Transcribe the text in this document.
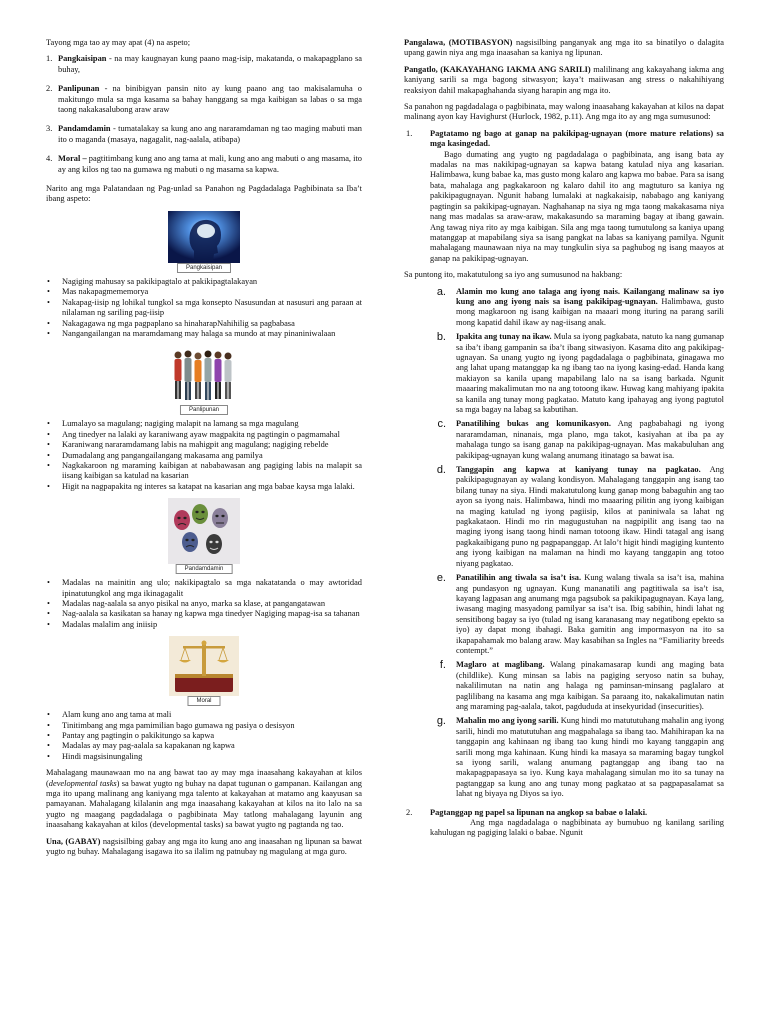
Tayong mga tao ay may apat (4) na aspeto;

1. Pangkaisipan - na may kaugnayan kung paano mag-isip, makatanda, o makapagplano sa buhay,
2. Panlipunan - na binibigyan pansin nito ay kung paano ang tao makisalamuha o makitungo mula sa mga kasama sa bahay hanggang sa mga kaibigan sa labas o sa mga taong nakakasalubong araw araw
3. Pandamdamin - tumatalakay sa kung ano ang nararamdaman ng tao maging mabuti man ito o maganda (masaya, nagagalit, nag-aalala, atibapa)
4. Moral – pagtitimbang kung ano ang tama at mali, kung ano ang mabuti o ang masama, ito ay ang kilos ng tao na gumawa ng mabuti o ng masama sa kapwa.

Narito ang mga Palatandaan ng Pag-unlad sa Panahon ng Pagdadalaga Pagbibinata sa Iba’t ibang aspeto:

Pangkaisipan
• Nagiging mahusay sa pakikipagtalo at pakikipagtalakayan
• Mas nakapagmememorya
• Nakapag-iisip ng lohikal tungkol sa mga konsepto Nasusundan at nasusuri ang paraan at nilalaman ng sariling pag-iisip
• Nakagagawa ng mga pagpaplano sa hinaharapNahihilig sa pagbabasa
• Nangangailangan na maramdamang may halaga sa mundo at may pinaniniwalaan
Panlipunan
• Lumalayo sa magulang; nagiging malapit na lamang sa mga magulang
• Ang tinedyer na lalaki ay karaniwang ayaw magpakita ng pagtingin o pagmamahal
• Karaniwang nararamdamang labis na mahigpit ang magulang; nagiging rebelde
• Dumadalang ang pangangailangang makasama ang pamilya
• Nagkakaroon ng maraming kaibigan at nababawasan ang pagiging labis na malapit sa iisang kaibigan sa katulad na kasarian
• Higit na nagpapakita ng interes sa katapat na kasarian ang mga babae kaysa mga lalaki.
Pandamdamin
• Madalas na mainitin ang ulo; nakikipagtalo sa mga nakatatanda o may awtoridad ipinatutungkol ang mga ikinagagalit
• Madalas nag-aalala sa anyo pisikal na anyo, marka sa klase, at pangangatawan
• Nag-aalala sa kasikatan sa hanay ng kapwa mga tinedyer Nagiging mapag-isa sa tahanan
• Madalas malalim ang iniisip
Moral
• Alam kung ano ang tama at mali
• Tinitimbang ang mga pamimilian bago gumawa ng pasiya o desisyon
• Pantay ang pagtingin o pakikitungo sa kapwa
• Madalas ay may pag-aalala sa kapakanan ng kapwa
• Hindi magsisinungaling

Mahalagang maunawaan mo na ang bawat tao ay may mga inaasahang kakayahan at kilos (developmental tasks) sa bawat yugto ng buhay na dapat tugunan o gampanan. Kailangan ang mga ito upang malinang ang kaniyang mga talento at kakayahan at matamo ang kaayusan sa pamayanan. Mahalagang kilalanin ang mga inaasahang kakayahan at kilos na ito lalo na sa yugto ng maagang pagdadalaga o pagbibinata May tatlong mahalagang layunin ang inaasahang kakayahan at kilos (developmental tasks) sa bawat yugto ng pagtanda ng tao.

Una, (GABAY) nagsisilbing gabay ang mga ito kung ano ang inaasahan ng lipunan sa bawat yugto ng buhay. Mahalagang isagawa ito sa ilalim ng patnubay ng magulang at mga guro.

Pangalawa, (MOTIBASYON) nagsisilbing panganyak ang mga ito sa binatilyo o dalagita upang gawin niya ang mga inaasahan sa kaniya ng lipunan.

Pangatlo, (KAKAYAHANG IAKMA ANG SARILI) malilinang ang kakayahang iakma ang kaniyang sarili sa mga bagong sitwasyon; kaya’t maiiwasan ang stress o nakahihiyang reaksiyon dahil makapaghahanda siyang harapin ang mga ito.

Sa panahon ng pagdadalaga o pagbibinata, may walong inaasahang kakayahan at kilos na dapat malinang ayon kay Havighurst (Hurlock, 1982, p.11). Ang mga ito ay ang mga sumusunod:

1.	Pagtatamo ng bago at ganap na pakikipag-ugnayan (more mature relations) sa mga kasingedad.
Bago dumating ang yugto ng pagdadalaga o pagbibinata, ang isang bata ay madalas na mas nakikipag-ugnayan sa kapwa batang katulad niya ang kasarian. Halimbawa, kung babae ka, mas gusto mong kalaro ang kapwa mo babae. Para sa isang bata, mahalaga ang pagkakaroon ng kalaro dahil ito ang magtuturo sa kaniya ng pakikipagugnayan. Ngunit habang lumalaki at nagkakaisip, nababago ang kaniyang pagtingin sa pakikipag-ugnayan. Naghahanap na siya ng mga taong makakasama niya nang mas madalas sa araw-araw, makakasundo sa maraming bagay at ibang gawain. Ang tawag niya rito ay mga kaibigan. Sila ang mga taong tumutulong sa kaniya upang matanggap at mapabilang siya sa isang pangkat na labas sa kaniyang pamilya. Ngunit mahalagang maunawaan niya na may tungkulin siya sa paghubog ng isang maayos at ganap na pakikipag-ugnayan.

Sa puntong ito, makatutulong sa iyo ang sumusunod na hakbang:

a.	Alamin mo kung ano talaga ang iyong nais. Kailangang malinaw sa iyo kung ano ang iyong nais sa isang pakikipag-ugnayan. Halimbawa, gusto mong magkaroon ng isang kaibigan na maaari mong ituring na parang sarili mong kapatid dahil ikaw ay nag-iisang anak.
b.	Ipakita ang tunay na ikaw. Mula sa iyong pagkabata, natuto ka nang gumanap sa iba’t ibang gampanin sa iba’t ibang sitwasiyon. Kasama dito ang pakikipag-ugnayan. Sa unang yugto ng iyong pagdadalaga o pagbibinata, ginagawa mo ang lahat upang matanggap ka ng ibang tao na iyong kasing-edad. Handa kang makiayon sa kanila upang mapabilang lalo na sa isang barkada. Ngunit maaaring makalimutan mo na ang totoong ikaw. Huwag kang mahiyang ipakita sa kanila ang tunay mong pagkatao. Matuto kang ipahayag ang iyong pagtutol sa mga bagay na labag sa kabutihan.
c.	Panatilihing bukas ang komunikasyon. Ang pagbabahagi ng iyong nararamdaman, ninanais, mga plano, mga takot, kasiyahan at iba pa ay mahalaga tungo sa isang ganap na pakikipag-ugnayan. Mas makabuluhan ang pakikipag-ugnayan kung walang anumang itinatago sa bawat isa.
d.	Tanggapin ang kapwa at kaniyang tunay na pagkatao. Ang pakikipagugnayan ay walang kondisyon. Mahalagang tanggapin ang isang tao bilang tunay na siya. Hindi makatutulong kung ganap mong babaguhin ang tao ayon sa iyong nais. Halimbawa, hindi mo maaaring pilitin ang iyong kaibigan na maging katulad ng iyong pagiisip, kilos at paniniwala sa lahat ng pagkakataon. Hindi mo rin magugustuhan na nagpipilit ang isang tao na maging iyong isang taong hindi naman totoong ikaw. Hindi tatagal ang isang pagkakaibigang puno ng pagpapanggap. At lalo’t higit hindi magiging kuntento ang iyong kaibigan na malaman na hindi mo kayang tanggapin ang totoo niyang pagkatao.
e.	Panatilihin ang tiwala sa isa’t isa. Kung walang tiwala sa isa’t isa, mahina ang pundasyon ng ugnayan. Kung mananatili ang pagtitiwala sa isa’t isa, kayang lagpasan ang anumang mga pagsubok sa pakikipagugnayan. Kaya lang, iwasang maging masyadong pamilyar sa isa’t isa. Ibig sabihin, hindi lahat ng sensitibong bagay sa iyo (tulad ng isang karanasang may negatibong epekto sa iyo) ay dapat mong ibahagi. Baka gamitin ang impormasyon na ito sa ikapapahamak mo balang araw. May kasabihan sa Ingles na “Familiarity breeds contempt.”
f.	Maglaro at maglibang. Walang pinakamasarap kundi ang maging bata (childlike). Kung minsan sa labis na pagiging seryoso natin sa buhay, nakalilimutan na natin ang halaga ng paminsan-minsang paglalaro at paglilibang na kasama ang mga kaibigan. Sa paraang ito, nakakalimutan natin ang maraming pag-aalala, takot, pagdududa at insekyuridad (insecurities).
g.	Mahalin mo ang iyong sarili. Kung hindi mo matututuhang mahalin ang iyong sarili, hindi mo matututuhan ang magpahalaga sa ibang tao. Mahihirapan ka na tanggapin ang kahinaan ng ibang tao kung hindi mo kayang tanggapin ang sarili mong mga kahinaan. Kung hindi ka masaya sa maraming bagay tungkol sa iyong sarili, walang anumang pagtanggap ang ibang tao na makapagpapasaya sa iyo. Kung kaya mahalagang simulan mo ito sa tunay na pagtanggap sa kung ano ang tunay mong pagkatao at sa pagpapasalamat sa lahat ng biyaya ng Diyos sa iyo.
2.	Pagtanggap ng papel sa lipunan na angkop sa babae o lalaki.
Ang mga nagdadalaga o nagbibinata ay bumubuo ng kanilang sariling kahulugan ng pagiging lalaki o babae. Ngunit
